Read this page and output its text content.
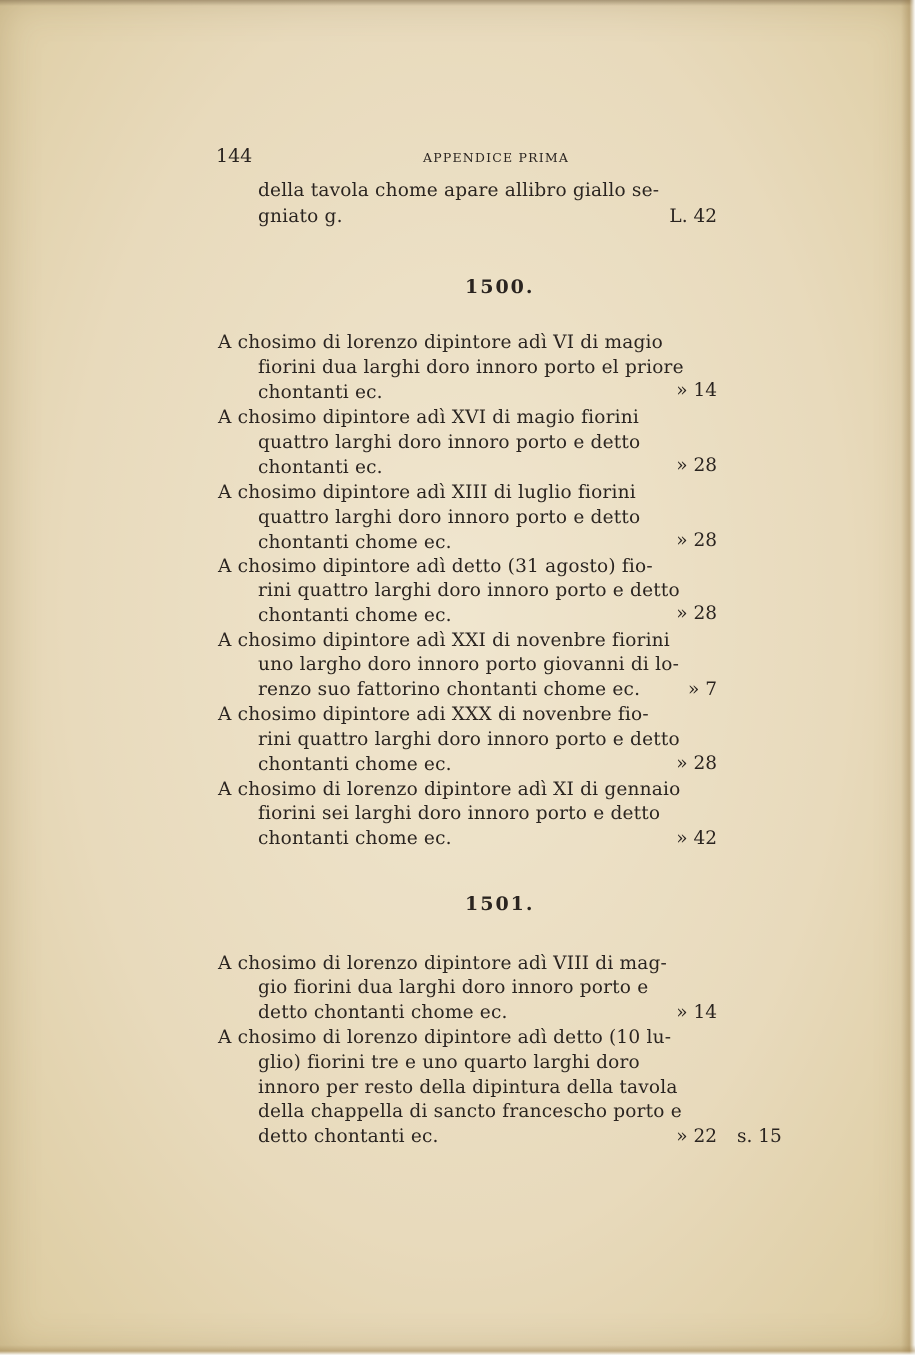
144	APPENDICE PRIMA
della tavola chome apare allibro giallo se-
gniato g.	L. 42
1500.
A chosimo di lorenzo dipintore adì VI di magio
fiorini dua larghi doro innoro porto el priore
chontanti ec.	» 14
A chosimo dipintore adì XVI di magio fiorini
quattro larghi doro innoro porto e detto
chontanti ec.	» 28
A chosimo dipintore adì XIII di luglio fiorini
quattro larghi doro innoro porto e detto
chontanti chome ec.	» 28
A chosimo dipintore adì detto (31 agosto) fio-
rini quattro larghi doro innoro porto e detto
chontanti chome ec.	» 28
A chosimo dipintore adì XXI di novenbre fiorini
uno largho doro innoro porto giovanni di lo-
renzo suo fattorino chontanti chome ec.	» 7
A chosimo dipintore adi XXX di novenbre fio-
rini quattro larghi doro innoro porto e detto
chontanti chome ec.	» 28
A chosimo di lorenzo dipintore adì XI di gennaio
fiorini sei larghi doro innoro porto e detto
chontanti chome ec.	» 42
1501.
A chosimo di lorenzo dipintore adì VIII di mag-
gio fiorini dua larghi doro innoro porto e
detto chontanti chome ec.	» 14
A chosimo di lorenzo dipintore adì detto (10 lu-
glio) fiorini tre e uno quarto larghi doro
innoro per resto della dipintura della tavola
della chappella di sancto francescho porto e
detto chontanti ec.	» 22 s. 15
